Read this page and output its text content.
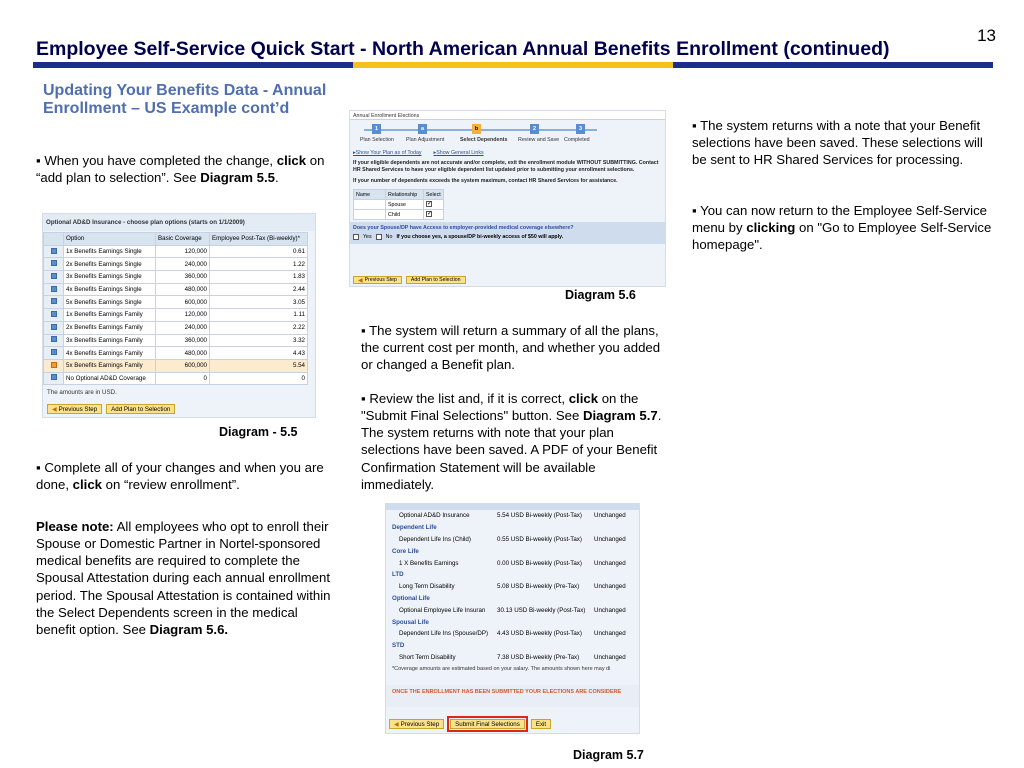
13
Employee Self-Service Quick Start - North American Annual Benefits Enrollment (continued)
Updating Your Benefits Data - Annual Enrollment – US Example cont’d
▪ When you have completed the change, click on “add plan to selection”. See Diagram 5.5.
Optional AD&D Insurance - choose plan options (starts on 1/1/2009)
	Option	Basic Coverage	Employee Post-Tax (Bi-weekly)*
	1x Benefits Earnings Single	120,000	0.61
	2x Benefits Earnings Single	240,000	1.22
	3x Benefits Earnings Single	360,000	1.83
	4x Benefits Earnings Single	480,000	2.44
	5x Benefits Earnings Single	600,000	3.05
	1x Benefits Earnings Family	120,000	1.11
	2x Benefits Earnings Family	240,000	2.22
	3x Benefits Earnings Family	360,000	3.32
	4x Benefits Earnings Family	480,000	4.43
	5x Benefits Earnings Family	600,000	5.54
	No Optional AD&D Coverage	0	0
The amounts are in USD.
◀ Previous Step Add Plan to Selection
Diagram - 5.5
▪ Complete all of your changes and when you are done, click on “review enrollment”.
Please note: All employees who opt to enroll their Spouse or Domestic Partner in Nortel-sponsored medical benefits are required to complete the Spousal Attestation during each annual enrollment period. The Spousal Attestation is contained within the Select Dependents screen in the medical benefit option. See Diagram 5.6.
Annual Enrollment Elections
1
Plan Selection
a
Plan Adjustment
b
Select Dependents
2
Review and Save
3
Completed
▸Show Your Plan as of Today ▸Show General Links
If your eligible dependents are not accurate and/or complete, exit the enrollment module WITHOUT SUBMITTING. Contact HR Shared Services to have your eligible dependent list updated prior to submitting your enrollment selections.
If your number of dependents exceeds the system maximum, contact HR Shared Services for assistance.
Name	Relationship	Select
	Spouse	✓
	Child	✓
Does your Spouse/DP have Access to employer-provided medical coverage elsewhere?
Yes	No If you choose yes, a spouse/DP bi-weekly access of $50 will apply.
◀ Previous Step	Add Plan to Selection
Diagram 5.6
▪ The system will return a summary of all the plans, the current cost per month, and whether you added or changed a Benefit plan.
▪ Review the list and, if it is correct, click on the "Submit Final Selections" button. See Diagram 5.7. The system returns with note that your plan selections have been saved. A PDF of your Benefit Confirmation Statement will be available immediately.
Optional AD&D Insurance	5.54 USD Bi-weekly (Post-Tax)	Unchanged
Dependent Life
Dependent Life Ins (Child)	0.55 USD Bi-weekly (Post-Tax)	Unchanged
Core Life
1 X Benefits Earnings	0.00 USD Bi-weekly (Post-Tax)	Unchanged
LTD
Long Term Disability	5.08 USD Bi-weekly (Pre-Tax)	Unchanged
Optional Life
Optional Employee Life Insuran	30.13 USD Bi-weekly (Post-Tax)	Unchanged
Spousal Life
Dependent Life Ins (Spouse/DP)	4.43 USD Bi-weekly (Post-Tax)	Unchanged
STD
Short Term Disability	7.38 USD Bi-weekly (Pre-Tax)	Unchanged
*Coverage amounts are estimated based on your salary. The amounts shown here may di
ONCE THE ENROLLMENT HAS BEEN SUBMITTED YOUR ELECTIONS ARE CONSIDERE
◀ Previous Step	Submit Final Selections	Exit
Diagram 5.7
▪ The system returns with a note that your Benefit selections have been saved. These selections will be sent to HR Shared Services for processing.
▪ You can now return to the Employee Self-Service menu by clicking on "Go to Employee Self-Service homepage".
